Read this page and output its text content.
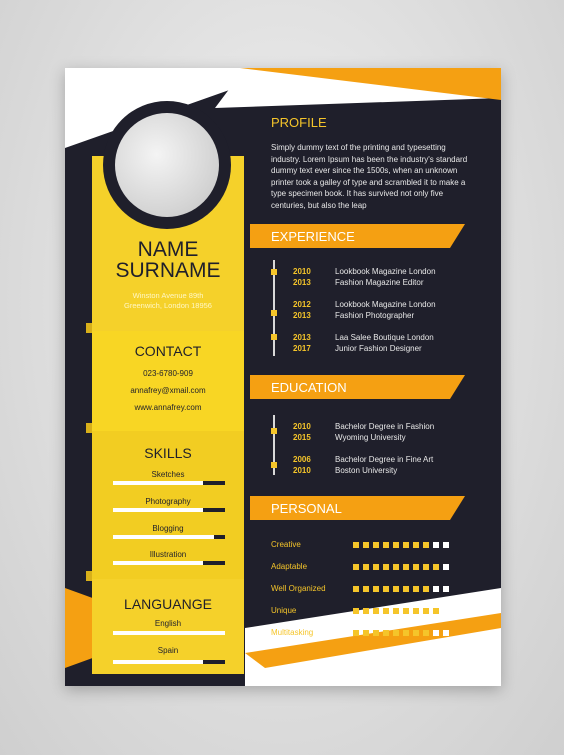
NAME
SURNAME
Winston Avenue 89th
Greenwich, London 18956
CONTACT
023-6780-909
annafrey@xmail.com
www.annafrey.com
SKILLS
Sketches
Photography
Blogging
Illustration
LANGUANGE
English
Spain
PROFILE
Simply dummy text of the printing and typesetting industry. Lorem Ipsum has been the industry's standard dummy text ever since the 1500s, when an unknown printer took a galley of type and scrambled it to make a type specimen book. It has survived not only five centuries, but also the leap
EXPERIENCE
2010
2013
Lookbook Magazine London
Fashion Magazine Editor
2012
2013
Lookbook Magazine London
Fashion Photographer
2013
2017
Laa Salee Boutique London
Junior Fashion Designer
EDUCATION
2010
2015
Bachelor Degree in Fashion
Wyoming University
2006
2010
Bachelor Degree in Fine Art
Boston University
PERSONAL
Creative
Adaptable
Well Organized
Unique
Multitasking
